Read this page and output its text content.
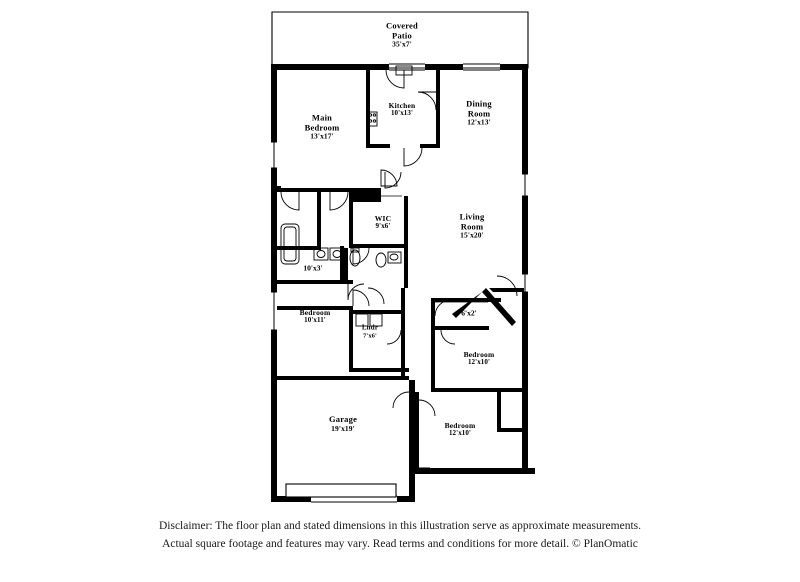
Covered
Patio
35'x7'
Main
Bedroom
13'x17'
Kitchen
10'x13'
Dining
Room
12'x13'
Living
Room
15'x20'
WIC
9'x6'
10'x3'
Bedroom
10'x11'
Lndr
7'x6'
6'x2'
Bedroom
12'x10'
Bedroom
12'x10'
Garage
19'x19'
Disclaimer: The floor plan and stated dimensions in this illustration serve as approximate measurements.
Actual square footage and features may vary. Read terms and conditions for more detail. © PlanOmatic
